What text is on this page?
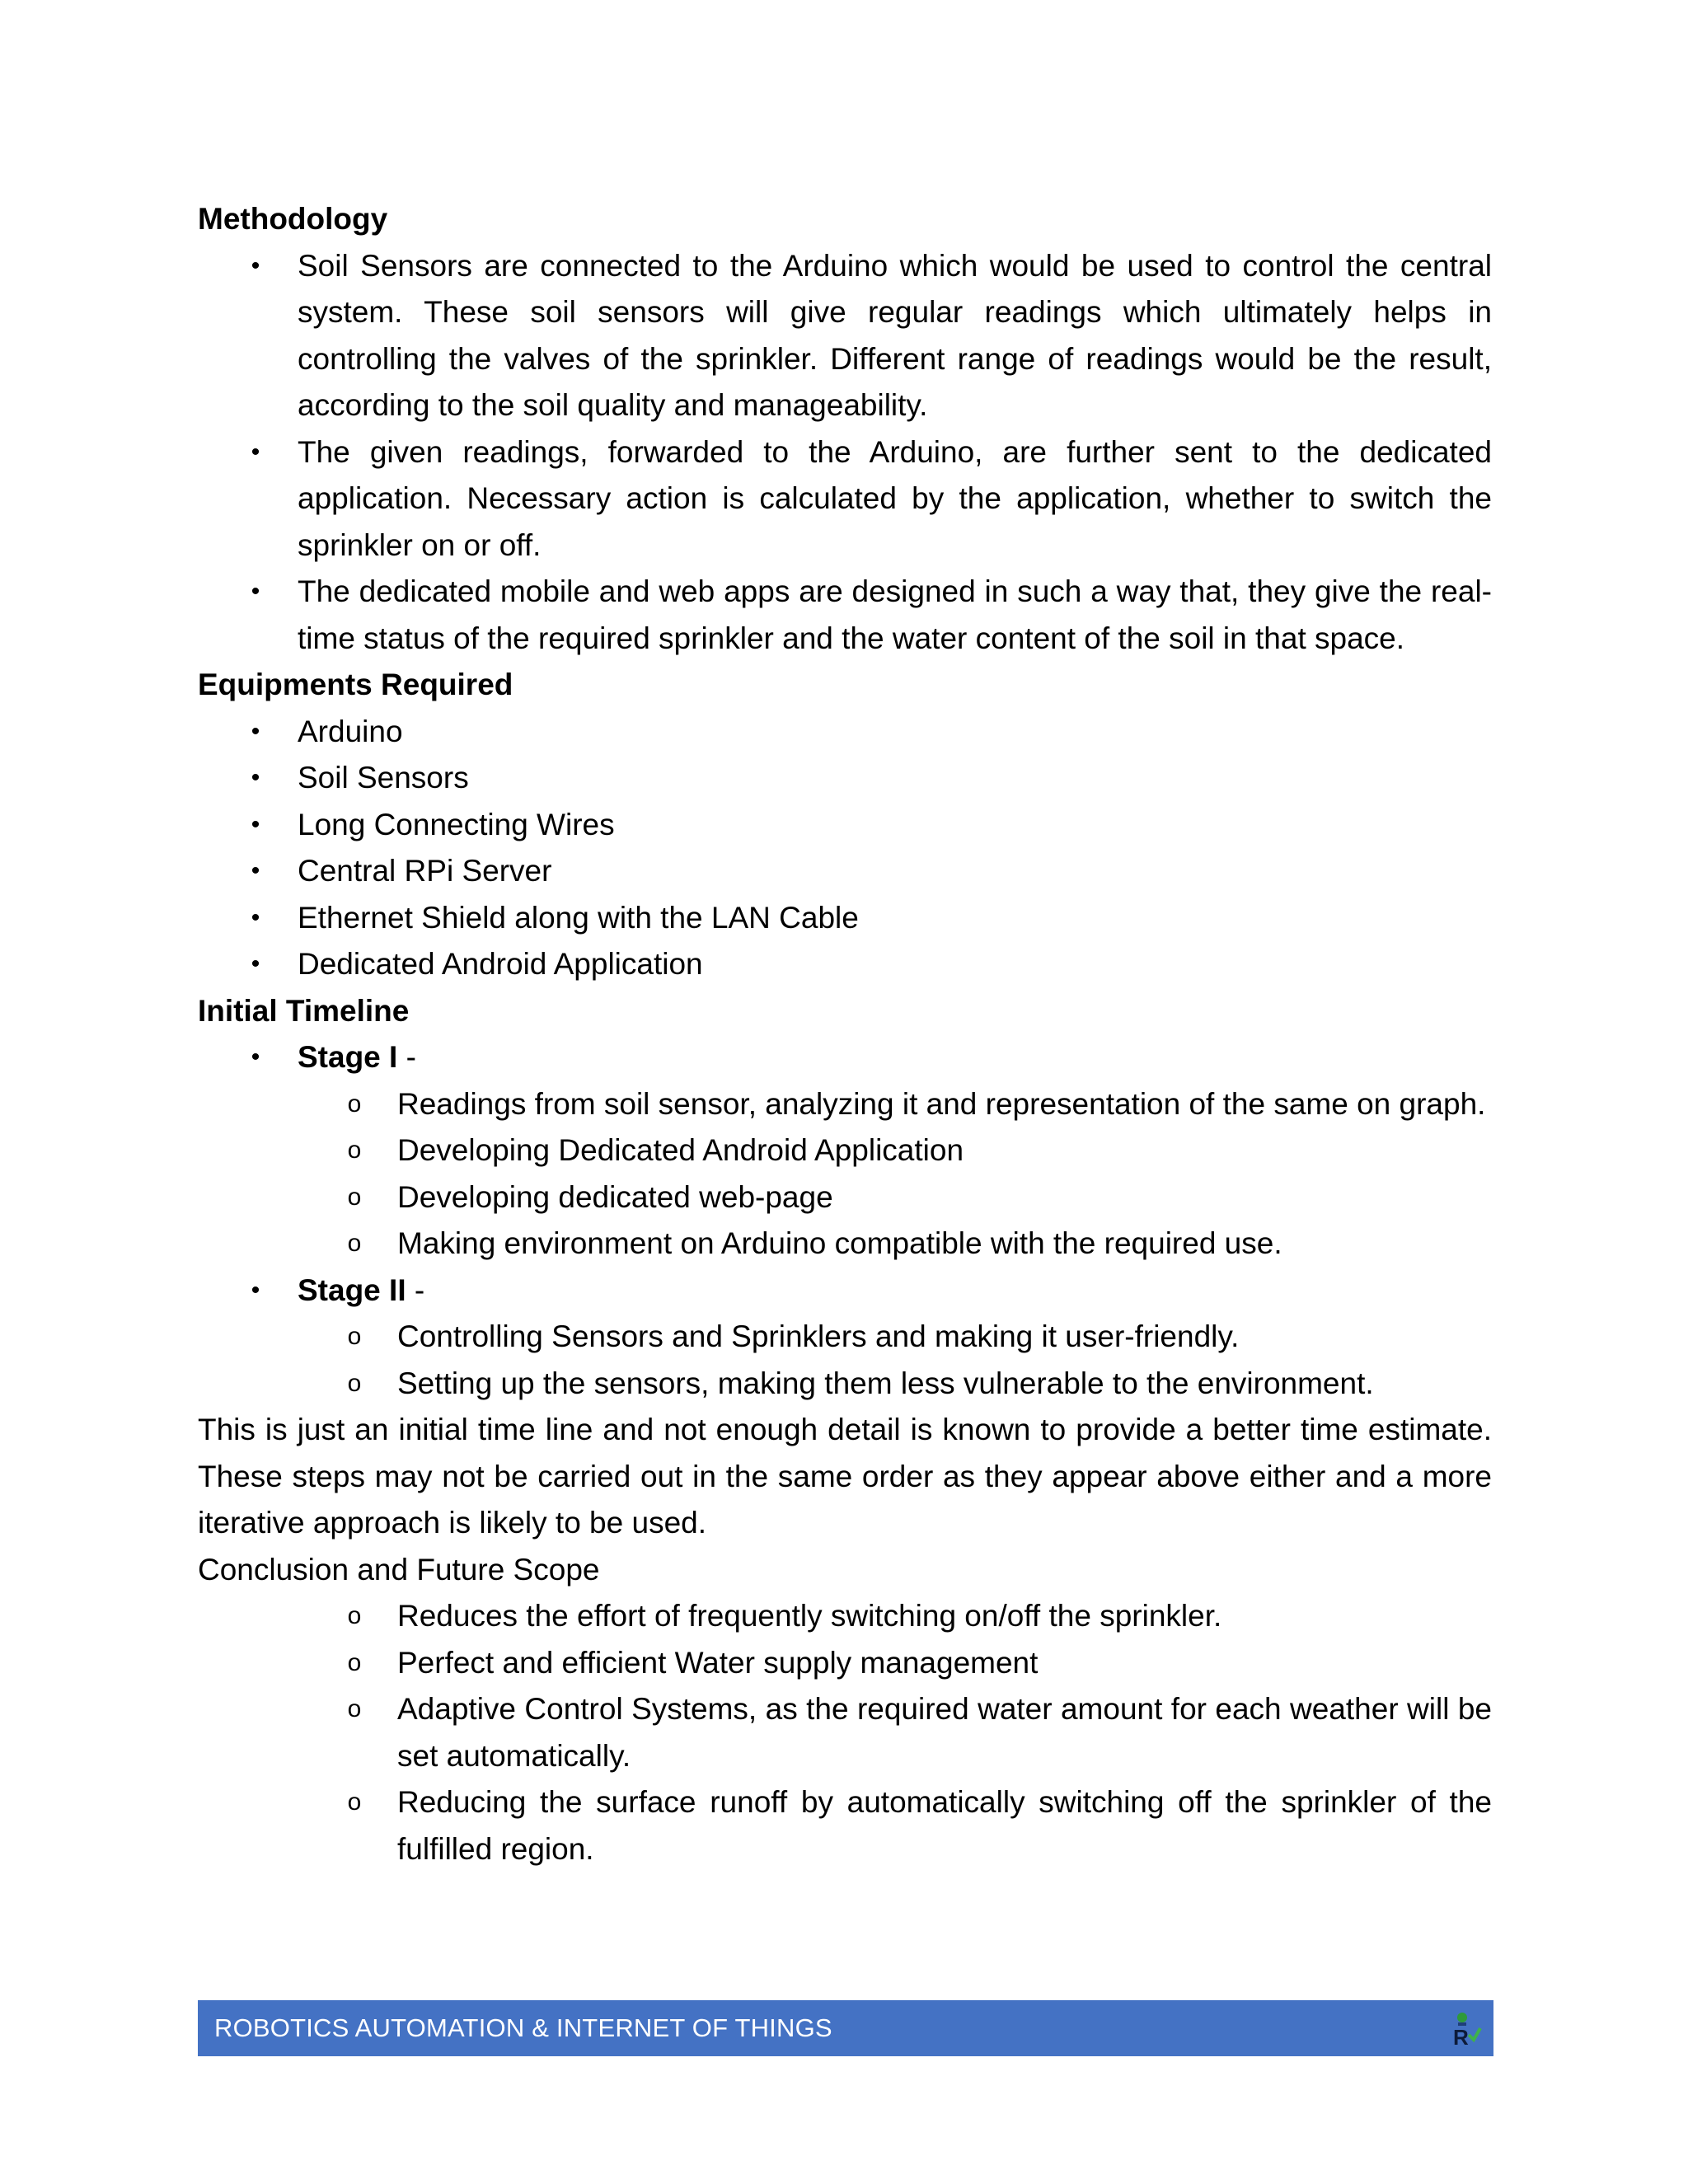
Methodology
• Soil Sensors are connected to the Arduino which would be used to control the central system. These soil sensors will give regular readings which ultimately helps in controlling the valves of the sprinkler. Different range of readings would be the result, according to the soil quality and manageability.
• The given readings, forwarded to the Arduino, are further sent to the dedicated application. Necessary action is calculated by the application, whether to switch the sprinkler on or off.
• The dedicated mobile and web apps are designed in such a way that, they give the real-time status of the required sprinkler and the water content of the soil in that space.
Equipments Required
• Arduino
• Soil Sensors
• Long Connecting Wires
• Central RPi Server
• Ethernet Shield along with the LAN Cable
• Dedicated Android Application
Initial Timeline
• Stage I -
o Readings from soil sensor, analyzing it and representation of the same on graph.
o Developing Dedicated Android Application
o Developing dedicated web-page
o Making environment on Arduino compatible with the required use.
• Stage II -
o Controlling Sensors and Sprinklers and making it user-friendly.
o Setting up the sensors, making them less vulnerable to the environment.
This is just an initial time line and not enough detail is known to provide a better time estimate. These steps may not be carried out in the same order as they appear above either and a more iterative approach is likely to be used.
Conclusion and Future Scope
o Reduces the effort of frequently switching on/off the sprinkler.
o Perfect and efficient Water supply management
o Adaptive Control Systems, as the required water amount for each weather will be set automatically.
o Reducing the surface runoff by automatically switching off the sprinkler of the fulfilled region.
ROBOTICS AUTOMATION & INTERNET OF THINGS	R
